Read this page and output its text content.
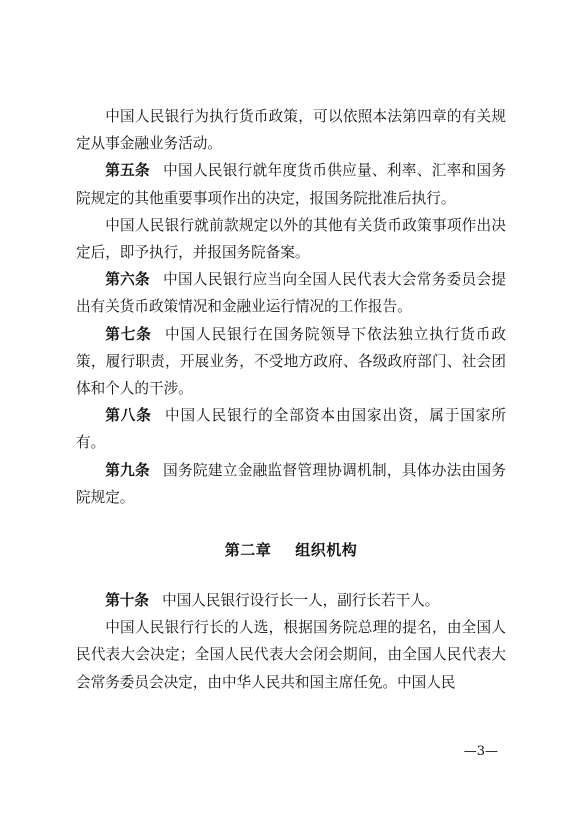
中国人民银行为执行货币政策，可以依照本法第四章的有关规定从事金融业务活动。

第五条 中国人民银行就年度货币供应量、利率、汇率和国务院规定的其他重要事项作出的决定，报国务院批准后执行。

中国人民银行就前款规定以外的其他有关货币政策事项作出决定后，即予执行，并报国务院备案。

第六条 中国人民银行应当向全国人民代表大会常务委员会提出有关货币政策情况和金融业运行情况的工作报告。

第七条 中国人民银行在国务院领导下依法独立执行货币政策，履行职责，开展业务，不受地方政府、各级政府部门、社会团体和个人的干涉。

第八条 中国人民银行的全部资本由国家出资，属于国家所有。

第九条 国务院建立金融监督管理协调机制，具体办法由国务院规定。

第二章 组织机构

第十条 中国人民银行设行长一人，副行长若干人。

中国人民银行行长的人选，根据国务院总理的提名，由全国人民代表大会决定；全国人民代表大会闭会期间，由全国人民代表大会常务委员会决定，由中华人民共和国主席任免。中国人民

—3—
